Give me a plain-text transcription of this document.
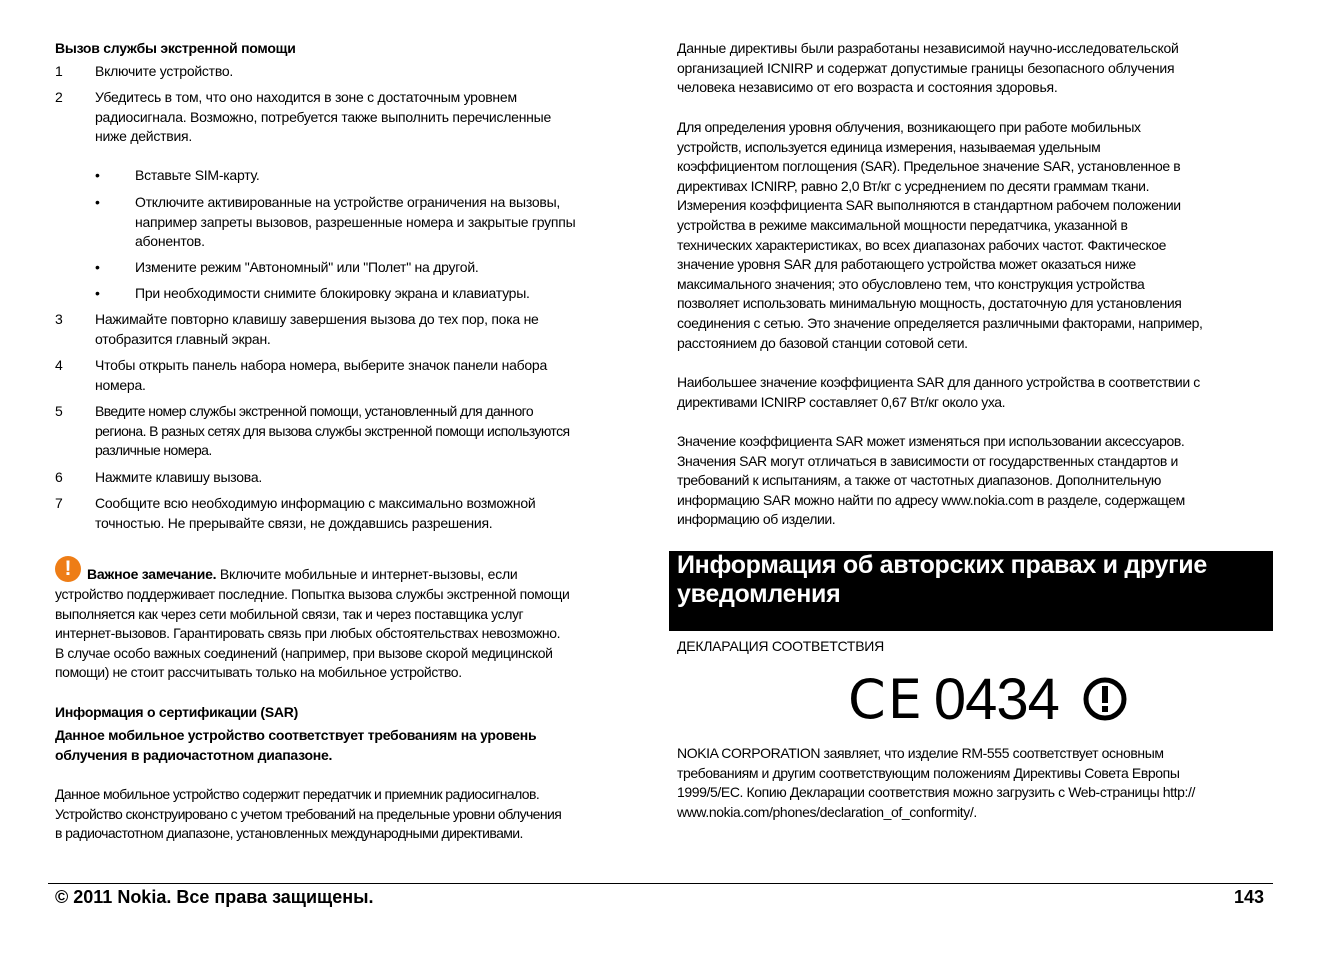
Вызов службы экстренной помощи
1 Включите устройство.
2 Убедитесь в том, что оно находится в зоне с достаточным уровнем
радиосигнала. Возможно, потребуется также выполнить перечисленные
ниже действия.
•	Вставьте SIM-карту.
•	Отключите активированные на устройстве ограничения на вызовы,
например запреты вызовов, разрешенные номера и закрытые группы
абонентов.
•	Измените режим "Автономный" или "Полет" на другой.
•	При необходимости снимите блокировку экрана и клавиатуры.
3 Нажимайте повторно клавишу завершения вызова до тех пор, пока не
отобразится главный экран.
4 Чтобы открыть панель набора номера, выберите значок панели набора
номера.
5 Введите номер службы экстренной помощи, установленный для данного
региона. В разных сетях для вызова службы экстренной помощи используются
различные номера.
6 Нажмите клавишу вызова.
7 Сообщите всю необходимую информацию с максимально возможной
точностью. Не прерывайте связи, не дождавшись разрешения.
!	Важное замечание. Включите мобильные и интернет-вызовы, если
устройство поддерживает последние. Попытка вызова службы экстренной помощи
выполняется как через сети мобильной связи, так и через поставщика услуг
интернет-вызовов. Гарантировать связь при любых обстоятельствах невозможно.
В случае особо важных соединений (например, при вызове скорой медицинской
помощи) не стоит рассчитывать только на мобильное устройство.
Информация о сертификации (SAR)
Данное мобильное устройство соответствует требованиям на уровень
облучения в радиочастотном диапазоне.
Данное мобильное устройство содержит передатчик и приемник радиосигналов.
Устройство сконструировано с учетом требований на предельные уровни облучения
в радиочастотном диапазоне, установленных международными директивами.
Данные директивы были разработаны независимой научно-исследовательской
организацией ICNIRP и содержат допустимые границы безопасного облучения
человека независимо от его возраста и состояния здоровья.
Для определения уровня облучения, возникающего при работе мобильных
устройств, используется единица измерения, называемая удельным
коэффициентом поглощения (SAR). Предельное значение SAR, установленное в
директивах ICNIRP, равно 2,0 Вт/кг с усреднением по десяти граммам ткани.
Измерения коэффициента SAR выполняются в стандартном рабочем положении
устройства в режиме максимальной мощности передатчика, указанной в
технических характеристиках, во всех диапазонах рабочих частот. Фактическое
значение уровня SAR для работающего устройства может оказаться ниже
максимального значения; это обусловлено тем, что конструкция устройства
позволяет использовать минимальную мощность, достаточную для установления
соединения с сетью. Это значение определяется различными факторами, например,
расстоянием до базовой станции сотовой сети.
Наибольшее значение коэффициента SAR для данного устройства в соответствии с
директивами ICNIRP составляет 0,67 Вт/кг около уха.
Значение коэффициента SAR может изменяться при использовании аксессуаров.
Значения SAR могут отличаться в зависимости от государственных стандартов и
требований к испытаниям, а также от частотных диапазонов. Дополнительную
информацию SAR можно найти по адресу www.nokia.com в разделе, содержащем
информацию об изделии.
Информация об авторских правах и другие
уведомления
ДЕКЛАРАЦИЯ СООТВЕТСТВИЯ
CE 0434
NOKIA CORPORATION заявляет, что изделие RM-555 соответствует основным
требованиям и другим соответствующим положениям Директивы Совета Европы
1999/5/EC. Копию Декларации соответствия можно загрузить с Web-страницы http://
www.nokia.com/phones/declaration_of_conformity/.
© 2011 Nokia. Все права защищены.	143
